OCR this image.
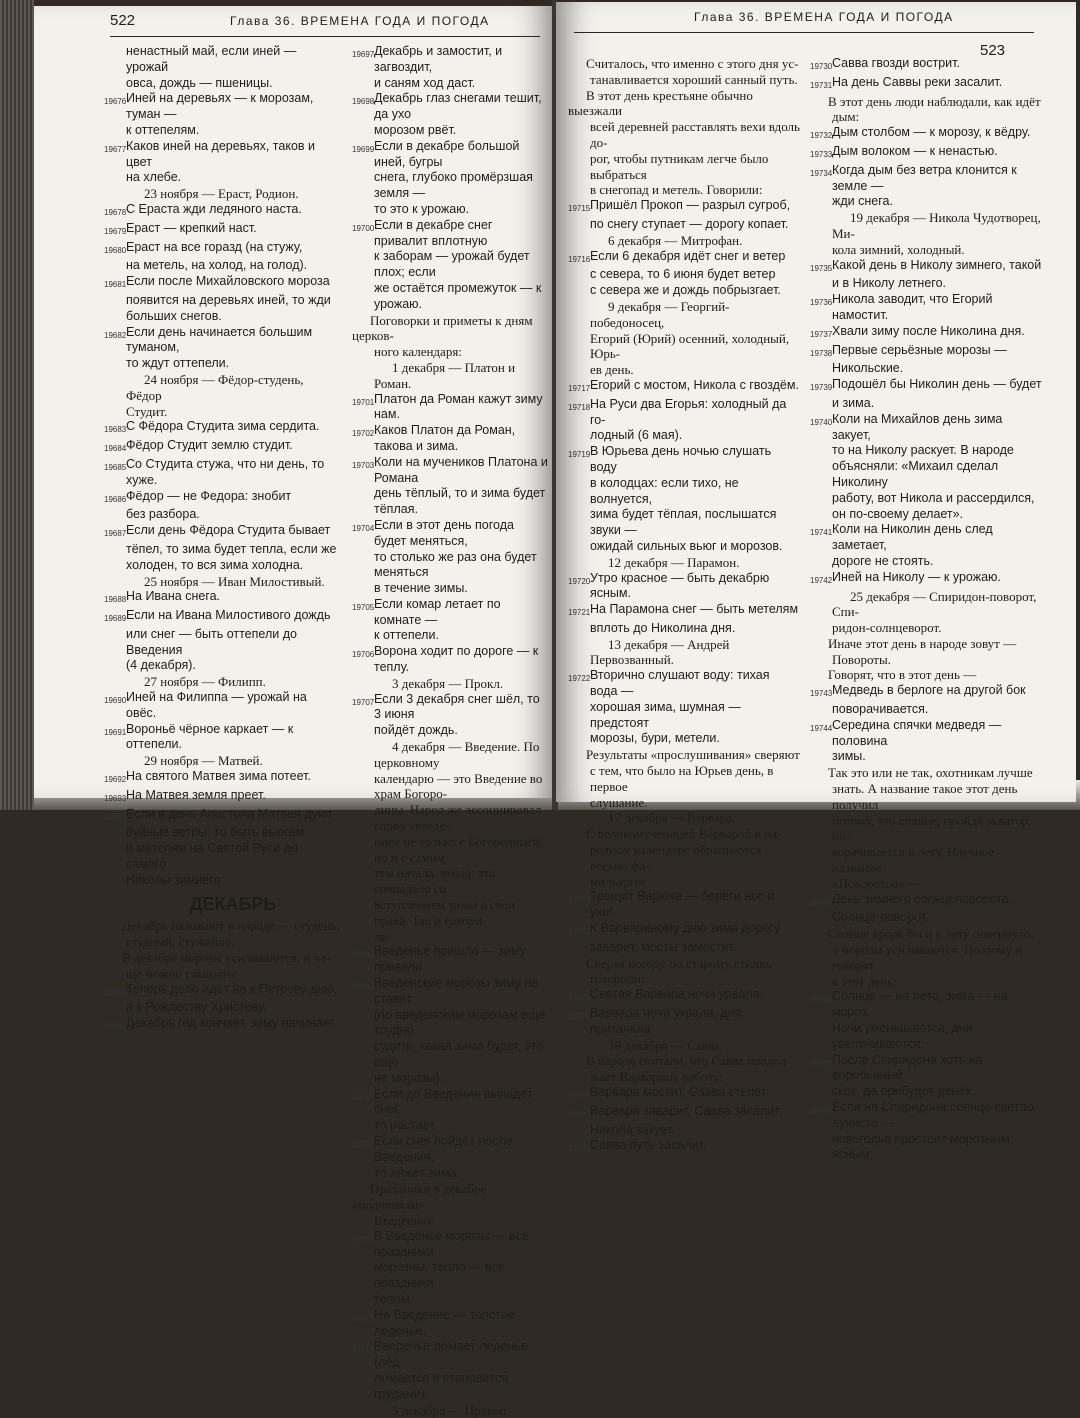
522	Глава 36. ВРЕМЕНА ГОДА И ПОГОДА
ненастный май, если иней — урожай
овса, дождь — пшеницы.
19676 Иней на деревьях — к морозам, туман —
к оттепелям.
19677 Каков иней на деревьях, таков и цвет
на хлебе.
23 ноября — Ераст, Родион.
19678 С Ераста жди ледяного наста.
19679 Ераст — крепкий наст.
19680 Ераст на все горазд (на стужу,
на метель, на холод, на голод).
19681 Если после Михайловского мороза
появится на деревьях иней, то жди
больших снегов.
19682 Если день начинается большим туманом,
то ждут оттепели.
24 ноября — Фёдор-студень, Фёдор
Студит.
19683 С Фёдора Студита зима сердита.
19684 Фёдор Студит землю студит.
19685 Со Студита стужа, что ни день, то хуже.
19686 Фёдор — не Федора: знобит
без разбора.
19687 Если день Фёдора Студита бывает
тёпел, то зима будет тепла, если же
холоден, то вся зима холодна.
25 ноября — Иван Милостивый.
19688 На Ивана снега.
19689 Если на Ивана Милостивого дождь
или снег — быть оттепели до Введения
(4 декабря).
27 ноября — Филипп.
19690 Иней на Филиппа — урожай на овёс.
19691 Вороньё чёрное каркает — к оттепели.
29 ноября — Матвей.
19692 На святого Матвея зима потеет.
19693 На Матвея земля преет.
19694 Если в день Апостола Матвея дуют
буйные ветры, то быть вьюгам
и метелям на Святой Руси до самого
Николы зимнего.
ДЕКАБРЬ
Декабрь называют в народе — студень,
студный, стужайло.
В декабре морозы усиливаются, и ча-
ще можно слышать:
19695 Теперь дело идёт не к Петрову дню,
а к Рождеству Христову.
19696 Декабрь год кончает, зиму начинает.
19697 Декабрь и замостит, и загвоздит,
и саням ход даст.
19698 Декабрь глаз снегами тешит, да ухо
морозом рвёт.
19699 Если в декабре большой иней, бугры
снега, глубоко промёрзшая земля —
то это к урожаю.
19700 Если в декабре снег привалит вплотную
к заборам — урожай будет плох; если
же остаётся промежуток — к урожаю.
Поговорки и приметы к дням церков-
ного календаря:
1 декабря — Платон и Роман.
19701 Платон да Роман кажут зиму нам.
19702 Каков Платон да Роман, такова и зима.
19703 Коли на мучеников Платона и Романа
день тёплый, то и зима будет тёплая.
19704 Если в этот день погода будет меняться,
то столько же раз она будет меняться
в течение зимы.
19705 Если комар летает по комнате —
к оттепели.
19706 Ворона ходит по дороге — к теплу.
3 декабря — Прокл.
19707 Если 3 декабря снег шёл, то 3 июня
пойдёт дождь.
4 декабря — Введение. По церковному
календарю — это Введение во храм Богоро-
дицы. Народ же ассоциировал слово «введе-
ние» не только с Богородицей, но и с самим
тем начала, ввода: это совпадало со
вступлением зимы в свои права. Так и говори-
ли:
19708 Введенье пришло — зиму привело.
19709 Введенские морозы зиму не ставят
(по введенским морозам ещё трудно
судить, какая зима будет, это ещё
не морозы).
19710 Если до Введения выпадет снег,
то растает.
19711 Если снег пойдёт после Введения,
то ляжет зима.
Праздники в декабре «подчиняли»
Введению:
19712 В Введенье морозы — все праздники
морозны, тепло — все праздники
теплы.
19713 На Введение — толстое леденье.
19714 Введенье ломает леденье (лёд
ломается и становится грудами).
5 декабря — Прокоп.
Глава 36. ВРЕМЕНА ГОДА И ПОГОДА
523
Считалось, что именно с этого дня ус-
танавливается хороший санный путь.
В этот день крестьяне обычно выезжали
всей деревней расставлять вехи вдоль до-
рог, чтобы путникам легче было выбраться
в снегопад и метель. Говорили:
19715 Пришёл Прокоп — разрыл сугроб,
по снегу ступает — дорогу копает.
6 декабря — Митрофан.
19716 Если 6 декабря идёт снег и ветер
с севера, то 6 июня будет ветер
с севера же и дождь побрызгает.
9 декабря — Георгий-победоносец,
Егорий (Юрий) осенний, холодный, Юрь-
ев день.
19717 Егорий с мостом, Никола с гвоздём.
19718 На Руси два Егорья: холодный да го-
лодный (6 мая).
19719 В Юрьева день ночью слушать воду
в колодцах: если тихо, не волнуется,
зима будет тёплая, послышатся звуки —
ожидай сильных вьюг и морозов.
12 декабря — Парамон.
19720 Утро красное — быть декабрю ясным.
19721 На Парамона снег — быть метелям
вплоть до Николина дня.
13 декабря — Андрей Первозванный.
19722 Вторично слушают воду: тихая вода —
хорошая зима, шумная — предстоят
морозы, бури, метели.
Результаты «прослушивания» сверяют
с тем, что было на Юрьев день, в первое
слушание.
17 декабря — Варвара.
С великомученицей Варварой в на-
родном календаре обращаются весьма фа-
мильярно:
19723 Трещит Варюха — береги нос и ухо!
19724 К Варвариному дню зима дорогу
заварит, мосты замостит.
Сверяя погоду по старому стилю,
говорили:
19725 Святая Варвара ночи урвала.
19726 Варвара ночи украла, дня притачала.
18 декабря — Савва.
В народе считали, что Савва продол-
жает Варварину работу:
19727 Варвара мостит, Савва стелет.
19728 Варвара заварит, Савва засалит,
Никола закует.
19729 Савва путь засалит.
19730 Савва гвозди вострит.
19731 На день Саввы реки засалит.
В этот день люди наблюдали, как идёт
дым:
19732 Дым столбом — к морозу, к вёдру.
19733 Дым волоком — к ненастью.
19734 Когда дым без ветра клонится к земле —
жди снега.
19 декабря — Никола Чудотворец, Ми-
кола зимний, холодный.
19735 Какой день в Николу зимнего, такой
и в Николу летнего.
19736 Никола заводит, что Егорий намостит.
19737 Хвали зиму после Николина дня.
19738 Первые серьёзные морозы —
Никольские.
19739 Подошёл бы Николин день — будет
и зима.
19740 Коли на Михайлов день зима закует,
то на Николу раскует. В народе
объясняли: «Михаил сделал Николину
работу, вот Никола и рассердился,
он по-своему делает».
19741 Коли на Николин день след заметает,
дороге не стоять.
19742 Иней на Николу — к урожаю.
25 декабря — Спиридон-поворот, Спи-
ридон-солнцеворот.
Иначе этот день в народе зовут —
Повороты.
Говорят, что в этот день —
19743 Медведь в берлоге на другой бок
поворачивается.
19744 Середина спячки медведя — половина
зимы.
Так это или не так, охотникам лучше
знать. А название такое этот день получил
потому, что солнце, пройдя экватор, по-
ворачивается к лету. Научное название
«Поворотов» —
19745 День зимнего солнцеповорота.
Солнце-поворот.
Солнце вроде бы и к лету повернуло,
а морозы усиливаются. Поэтому и говорят
в этот день:
19746 Солнце — на лето, зима — на мороз.
Ночи уменьшаются, дни увеличиваются:
19747 После Спиридона хоть на воробьиный
скок, да прибудет денёк.
19748 Если на Спиридона солнце светло, лучисто —
новогодье простоит морозным, ясным;
